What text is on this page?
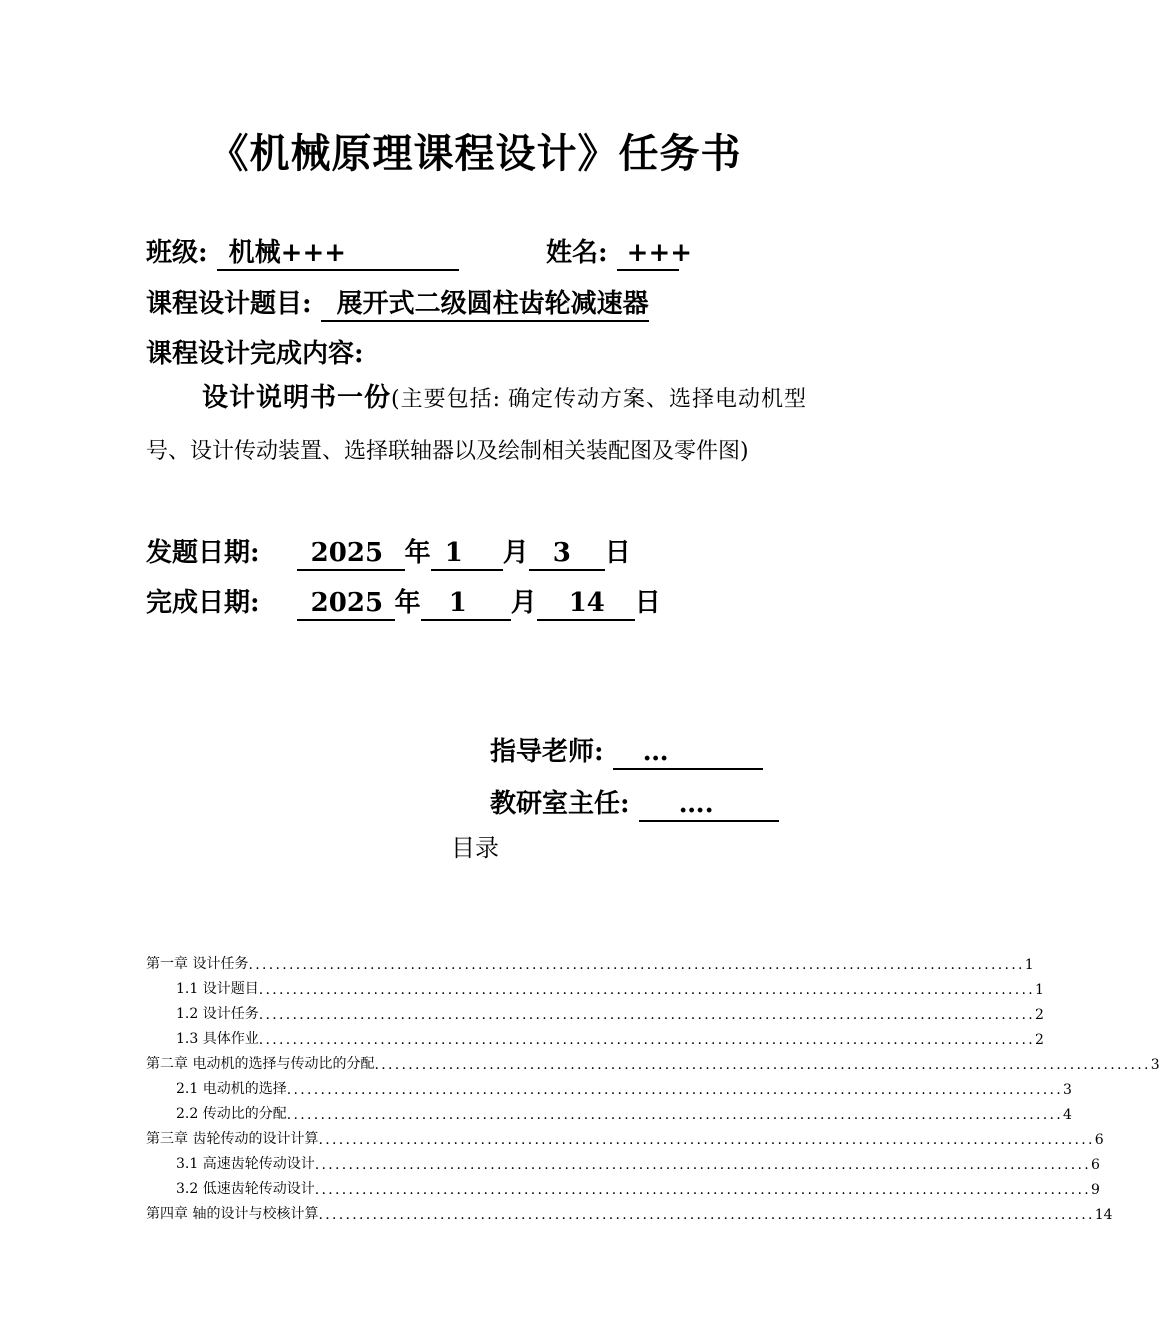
《机械原理课程设计》任务书
班级: 机械+++	姓名: +++
课程设计题目: 展开式二级圆柱齿轮减速器
课程设计完成内容:
设计说明书一份(主要包括: 确定传动方案、选择电动机型号、设计传动装置、选择联轴器以及绘制相关装配图及零件图)
发题日期: 2025 年 1 月 3 日
完成日期: 2025 年 1 月 14 日
指导老师: …
教研室主任: ….
目录
第一章 设计任务 ................................................................................................................... 1
1.1 设计题目 ................................................................................................................... 1
1.2 设计任务 ................................................................................................................... 2
1.3 具体作业 ................................................................................................................... 2
第二章 电动机的选择与传动比的分配 ................................................................................................................... 3
2.1 电动机的选择 ................................................................................................................... 3
2.2 传动比的分配 ................................................................................................................... 4
第三章 齿轮传动的设计计算 ................................................................................................................... 6
3.1 高速齿轮传动设计 ................................................................................................................... 6
3.2 低速齿轮传动设计 ................................................................................................................... 9
第四章 轴的设计与校核计算 ................................................................................................................... 14
